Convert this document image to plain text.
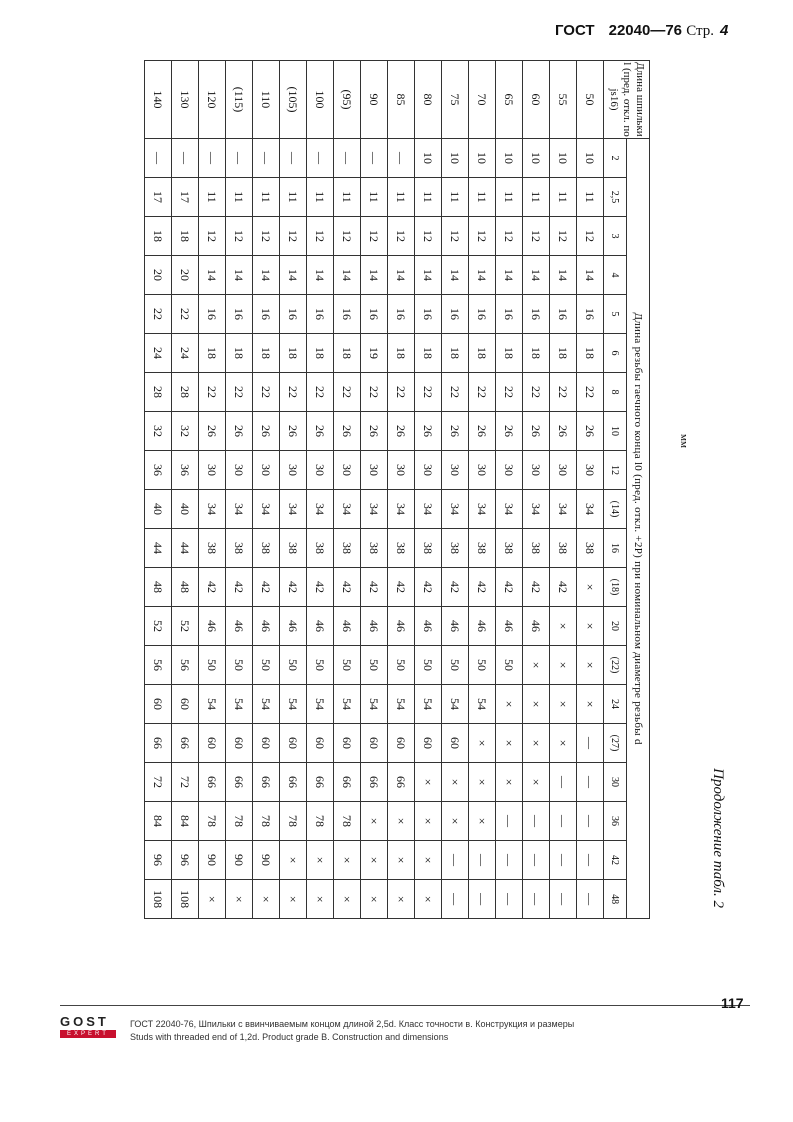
ГОСТ 22040—76 Стр. 4
Продолжение табл. 2
мм
Длина шпильки l (пред. откл. по js16)	Длина резьбы гаечного конца l0 (пред. откл. +2P) при номинальном диаметре резьбы d																			
	2	2,5	3	4	5	6	8	10	12	(14)	16	(18)	20	(22)	24	(27)	30	36	42	48
50	10	11	12	14	16	18	22	26	30	34	38	×	×	×	×	—	—	—	—	—
55	10	11	12	14	16	18	22	26	30	34	38	42	×	×	×	×	—	—	—	—
60	10	11	12	14	16	18	22	26	30	34	38	42	46	×	×	×	×	—	—	—
65	10	11	12	14	16	18	22	26	30	34	38	42	46	50	×	×	×	—	—	—
70	10	11	12	14	16	18	22	26	30	34	38	42	46	50	54	×	×	×	—	—
75	10	11	12	14	16	18	22	26	30	34	38	42	46	50	54	60	×	×	—	—
80	10	11	12	14	16	18	22	26	30	34	38	42	46	50	54	60	×	×	×	×
85	—	11	12	14	16	18	22	26	30	34	38	42	46	50	54	60	66	×	×	×
90	—	11	12	14	16	19	22	26	30	34	38	42	46	50	54	60	66	×	×	×
(95)	—	11	12	14	16	18	22	26	30	34	38	42	46	50	54	60	66	78	×	×
100	—	11	12	14	16	18	22	26	30	34	38	42	46	50	54	60	66	78	×	×
(105)	—	11	12	14	16	18	22	26	30	34	38	42	46	50	54	60	66	78	×	×
110	—	11	12	14	16	18	22	26	30	34	38	42	46	50	54	60	66	78	90	×
(115)	—	11	12	14	16	18	22	26	30	34	38	42	46	50	54	60	66	78	90	×
120	—	11	12	14	16	18	22	26	30	34	38	42	46	50	54	60	66	78	90	×
130	—	17	18	20	22	24	28	32	36	40	44	48	52	56	60	66	72	84	96	108
140	—	17	18	20	22	24	28	32	36	40	44	48	52	56	60	66	72	84	96	108
117
GOST
EXPERT
ГОСТ 22040-76, Шпильки с ввинчиваемым концом длиной 2,5d. Класс точности в. Конструкция и размеры
Studs with threaded end of 1,2d. Product grade B. Construction and dimensions
